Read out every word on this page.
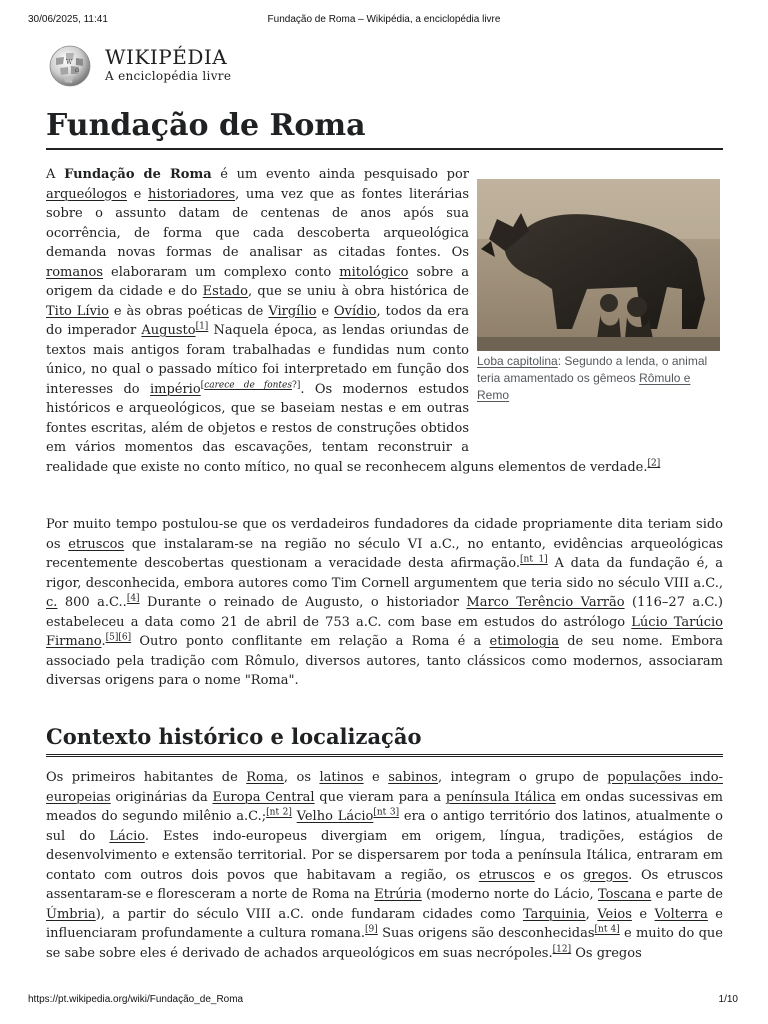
30/06/2025, 11:41	Fundação de Roma – Wikipédia, a enciclopédia livre
W
Ω
WIKIPÉDIA
A enciclopédia livre
Fundação de Roma

A Fundação de Roma é um evento ainda pesquisado por arqueólogos e historiadores, uma vez que as fontes literárias sobre o assunto datam de centenas de anos após sua ocorrência, de forma que cada descoberta arqueológica demanda novas formas de analisar as citadas fontes. Os romanos elaboraram um complexo conto mitológico sobre a origem da cidade e do Estado, que se uniu à obra histórica de Tito Lívio e às obras poéticas de Virgílio e Ovídio, todos da era do imperador Augusto[1] Naquela época, as lendas oriundas de textos mais antigos foram trabalhadas e fundidas num conto único, no qual o passado mítico foi interpretado em função dos interesses do império[carece de fontes?]. Os modernos estudos históricos e arqueológicos, que se baseiam nestas e em outras fontes escritas, além de objetos e restos de construções obtidos em vários momentos das escavações, tentam reconstruir a realidade que existe no conto mítico, no qual se reconhecem alguns elementos de verdade.[2]

Loba capitolina: Segundo a lenda, o animal teria amamentado os gêmeos Rômulo e Remo

Por muito tempo postulou-se que os verdadeiros fundadores da cidade propriamente dita teriam sido os etruscos que instalaram-se na região no século VI a.C., no entanto, evidências arqueológicas recentemente descobertas questionam a veracidade desta afirmação.[nt 1] A data da fundação é, a rigor, desconhecida, embora autores como Tim Cornell argumentem que teria sido no século VIII a.C., c. 800 a.C..[4] Durante o reinado de Augusto, o historiador Marco Terêncio Varrão (116–27 a.C.) estabeleceu a data como 21 de abril de 753 a.C. com base em estudos do astrólogo Lúcio Tarúcio Firmano.[5][6] Outro ponto conflitante em relação a Roma é a etimologia de seu nome. Embora associado pela tradição com Rômulo, diversos autores, tanto clássicos como modernos, associaram diversas origens para o nome "Roma".

Contexto histórico e localização

Os primeiros habitantes de Roma, os latinos e sabinos, integram o grupo de populações indo-europeias originárias da Europa Central que vieram para a península Itálica em ondas sucessivas em meados do segundo milênio a.C.;[nt 2] Velho Lácio[nt 3] era o antigo território dos latinos, atualmente o sul do Lácio. Estes indo-europeus divergiam em origem, língua, tradições, estágios de desenvolvimento e extensão territorial. Por se dispersarem por toda a península Itálica, entraram em contato com outros dois povos que habitavam a região, os etruscos e os gregos. Os etruscos assentaram-se e floresceram a norte de Roma na Etrúria (moderno norte do Lácio, Toscana e parte de Úmbria), a partir do século VIII a.C. onde fundaram cidades como Tarquinia, Veios e Volterra e influenciaram profundamente a cultura romana.[9] Suas origens são desconhecidas[nt 4] e muito do que se sabe sobre eles é derivado de achados arqueológicos em suas necrópoles.[12] Os gregos

https://pt.wikipedia.org/wiki/Fundação_de_Roma	1/10
